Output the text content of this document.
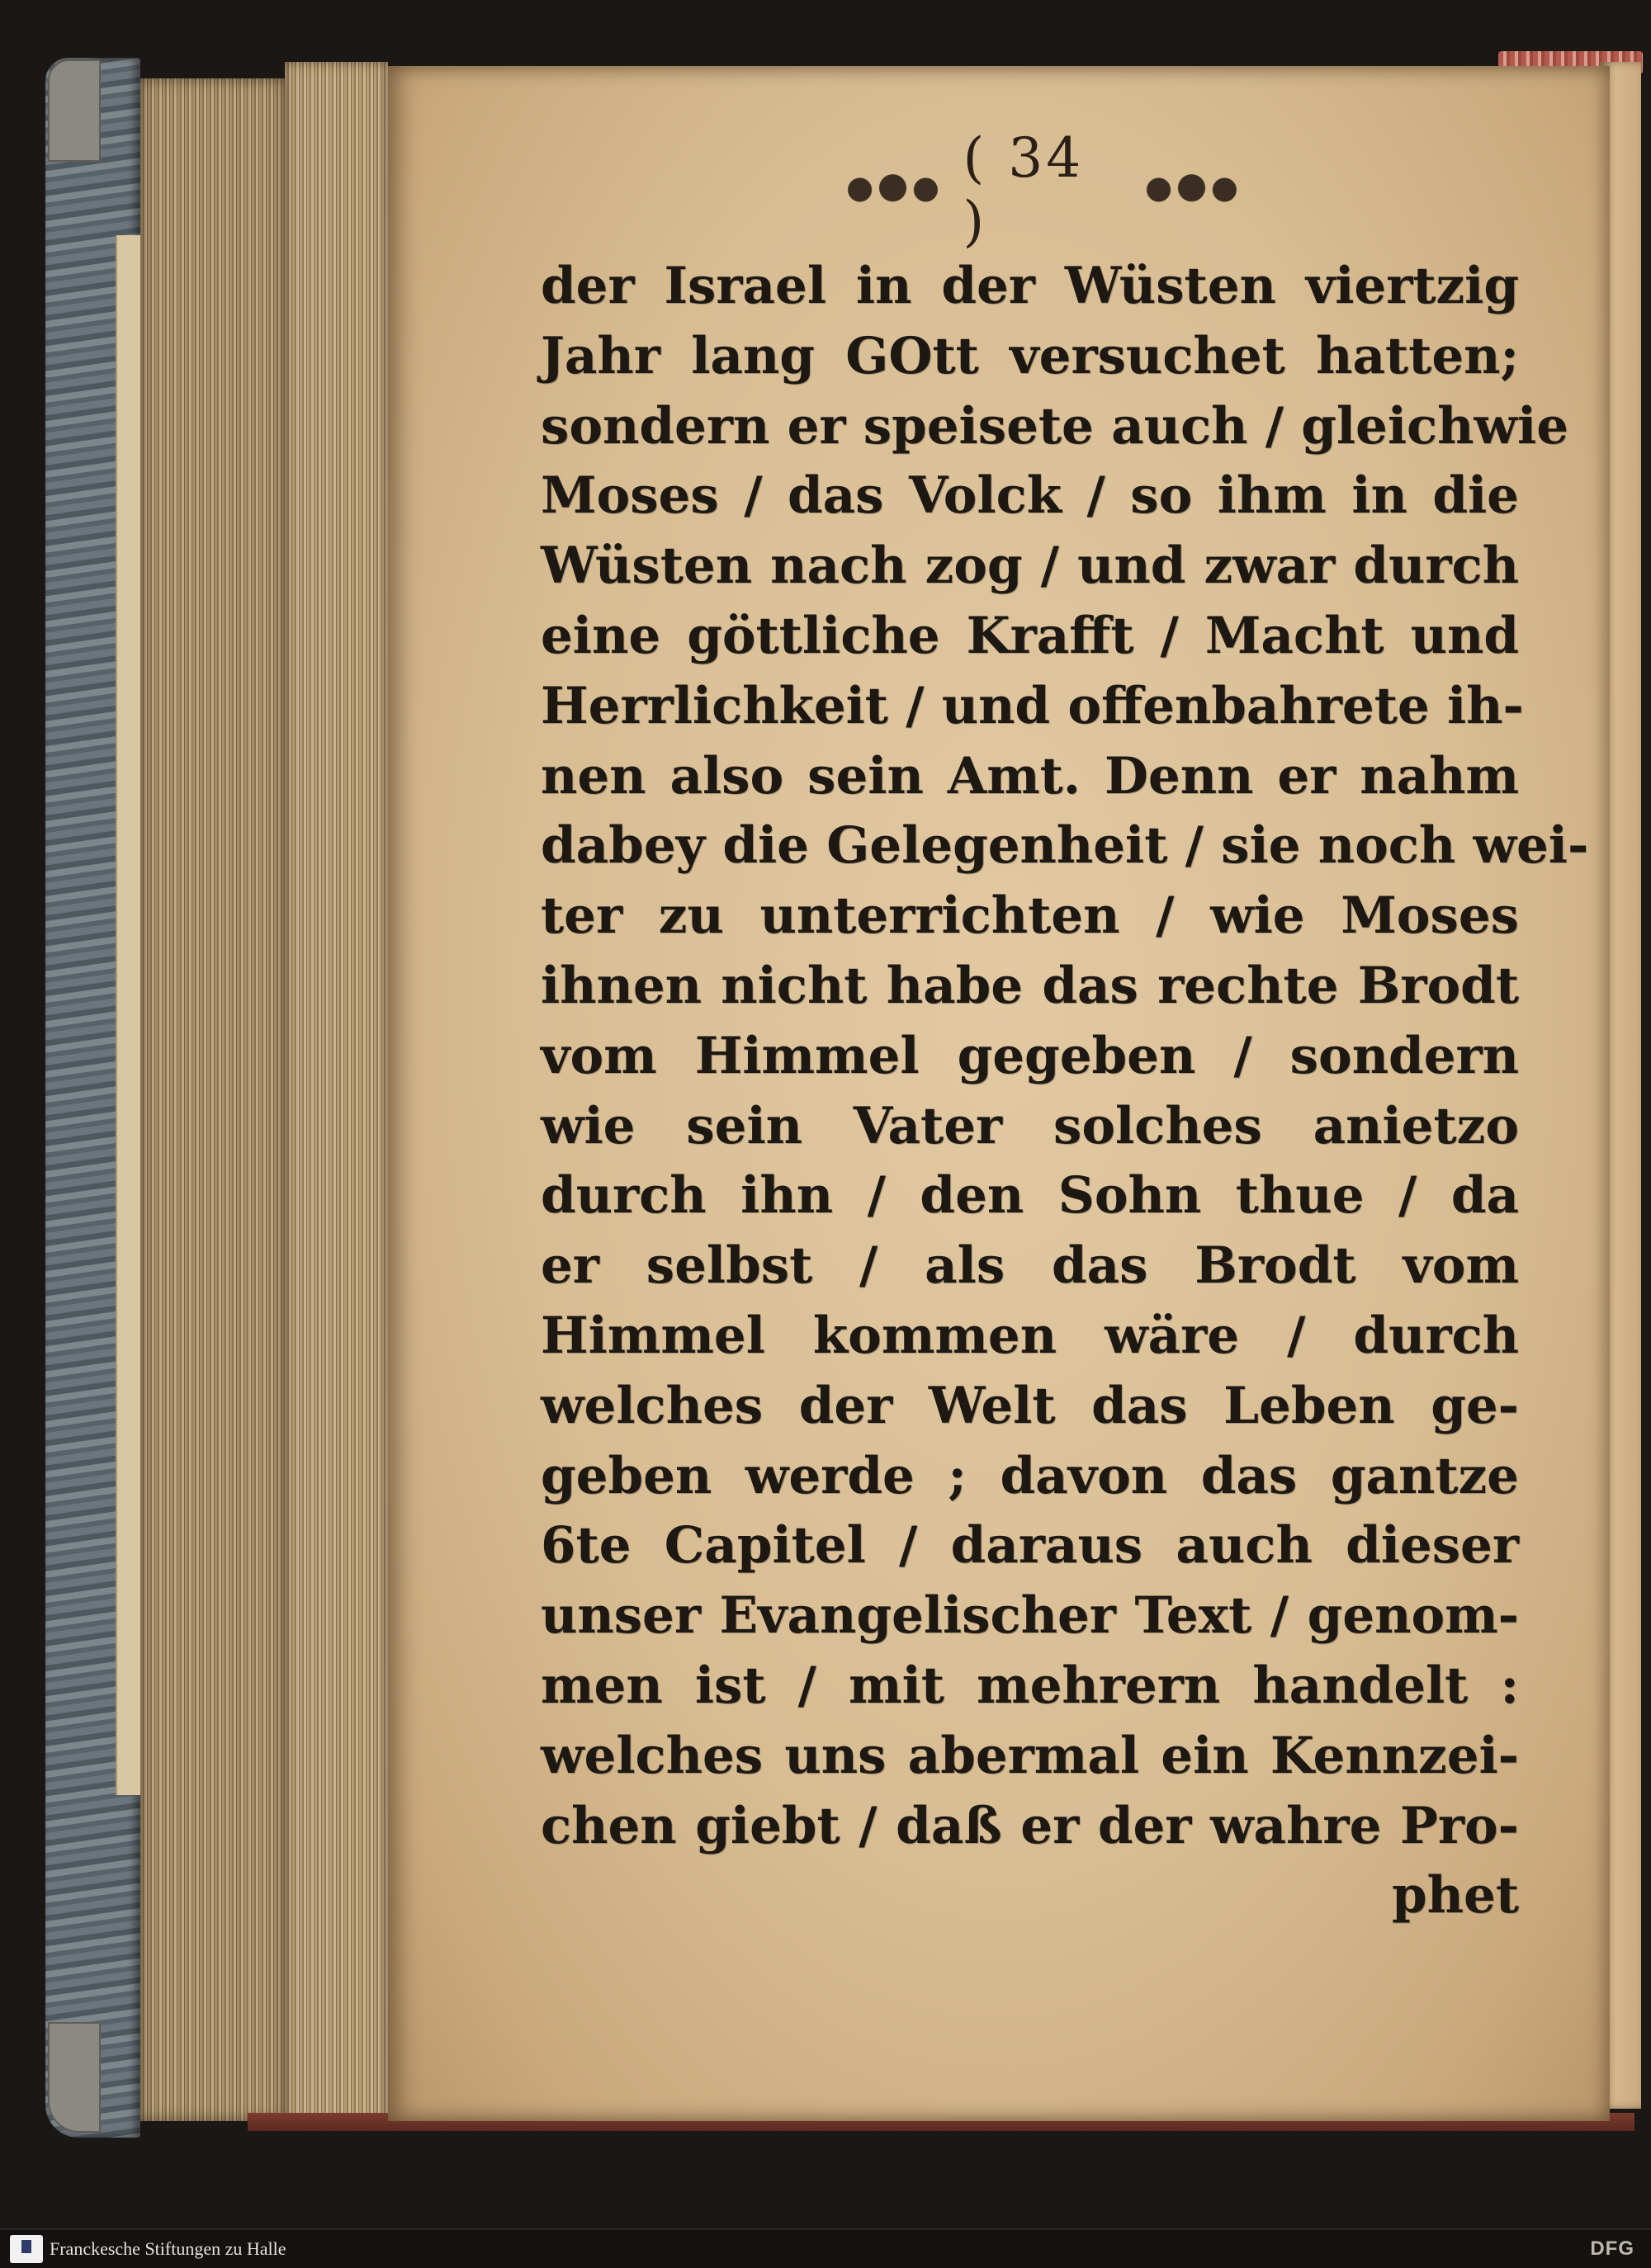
( 34 )
der Israel in der Wüsten viertzig
Jahr lang GOtt versuchet hatten;
sondern er speisete auch / gleichwie
Moses / das Volck / so ihm in die
Wüsten nach zog / und zwar durch
eine göttliche Krafft / Macht und
Herrlichkeit / und offenbahrete ih-
nen also sein Amt. Denn er nahm
dabey die Gelegenheit / sie noch wei-
ter zu unterrichten / wie Moses
ihnen nicht habe das rechte Brodt
vom Himmel gegeben / sondern
wie sein Vater solches anietzo
durch ihn / den Sohn thue / da
er selbst / als das Brodt vom
Himmel kommen wäre / durch
welches der Welt das Leben ge-
geben werde ; davon das gantze
6te Capitel / daraus auch dieser
unser Evangelischer Text / genom-
men ist / mit mehrern handelt :
welches uns abermal ein Kennzei-
chen giebt / daß er der wahre Pro-
phet
Franckesche Stiftungen zu Halle	DFG
